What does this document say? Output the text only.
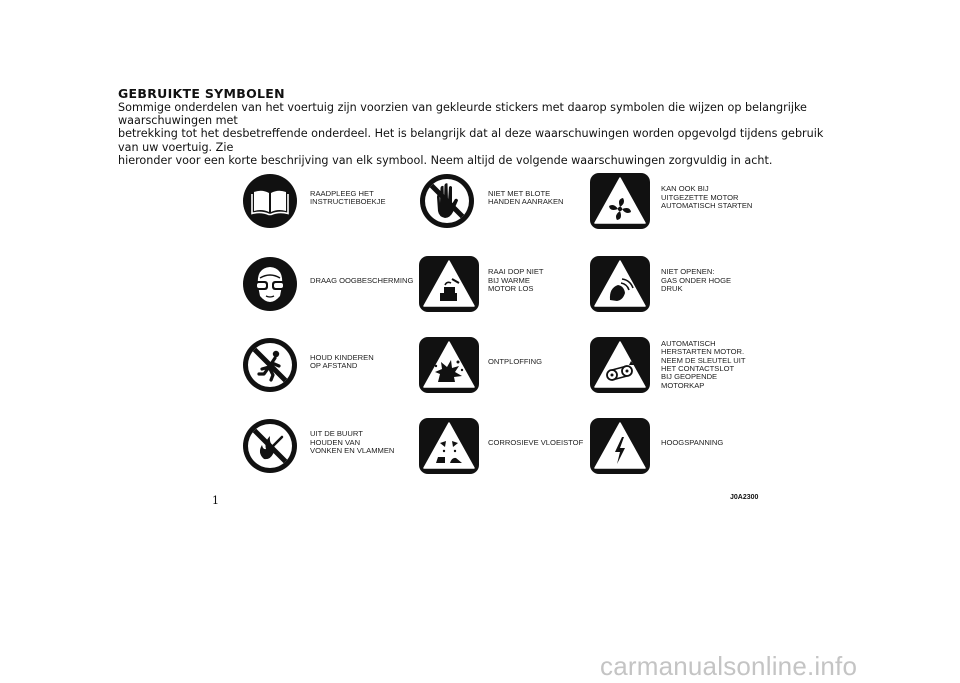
GEBRUIKTE SYMBOLEN

Sommige onderdelen van het voertuig zijn voorzien van gekleurde stickers met daarop symbolen die wijzen op belangrijke waarschuwingen met
betrekking tot het desbetreffende onderdeel. Het is belangrijk dat al deze waarschuwingen worden opgevolgd tijdens gebruik van uw voertuig. Zie
hieronder voor een korte beschrijving van elk symbool. Neem altijd de volgende waarschuwingen zorgvuldig in acht.

RAADPLEEG HET
INSTRUCTIEBOEKJE
DRAAG OOGBESCHERMING
HOUD KINDEREN
OP AFSTAND
UIT DE BUURT
HOUDEN VAN
VONKEN EN VLAMMEN
NIET MET BLOTE
HANDEN AANRAKEN
RAAI DOP NIET
BIJ WARME
MOTOR LOS
ONTPLOFFING
CORROSIEVE VLOEISTOF
KAN OOK BIJ
UITGEZETTE MOTOR
AUTOMATISCH STARTEN
NIET OPENEN:
GAS ONDER HOGE
DRUK
AUTOMATISCH
HERSTARTEN MOTOR.
NEEM DE SLEUTEL UIT
HET CONTACTSLOT
BIJ GEOPENDE
MOTORKAP
HOOGSPANNING
1	J0A2300
carmanualsonline.info
